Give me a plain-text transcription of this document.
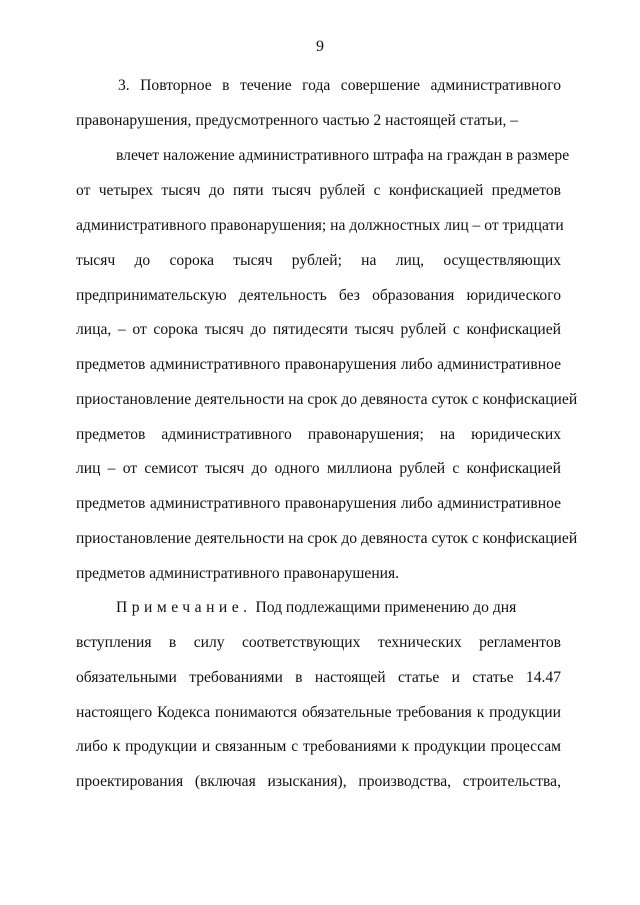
9
3. Повторное в течение года совершение административного
правонарушения, предусмотренного частью 2 настоящей статьи, –
влечет наложение административного штрафа на граждан в размере
от четырех тысяч до пяти тысяч рублей с конфискацией предметов
административного правонарушения; на должностных лиц – от тридцати
тысяч до сорока тысяч рублей; на лиц, осуществляющих
предпринимательскую деятельность без образования юридического
лица, – от сорока тысяч до пятидесяти тысяч рублей с конфискацией
предметов административного правонарушения либо административное
приостановление деятельности на срок до девяноста суток с конфискацией
предметов административного правонарушения; на юридических
лиц – от семисот тысяч до одного миллиона рублей с конфискацией
предметов административного правонарушения либо административное
приостановление деятельности на срок до девяноста суток с конфискацией
предметов административного правонарушения.
Примечание. Под подлежащими применению до дня
вступления в силу соответствующих технических регламентов
обязательными требованиями в настоящей статье и статье 14.47
настоящего Кодекса понимаются обязательные требования к продукции
либо к продукции и связанным с требованиями к продукции процессам
проектирования (включая изыскания), производства, строительства,
